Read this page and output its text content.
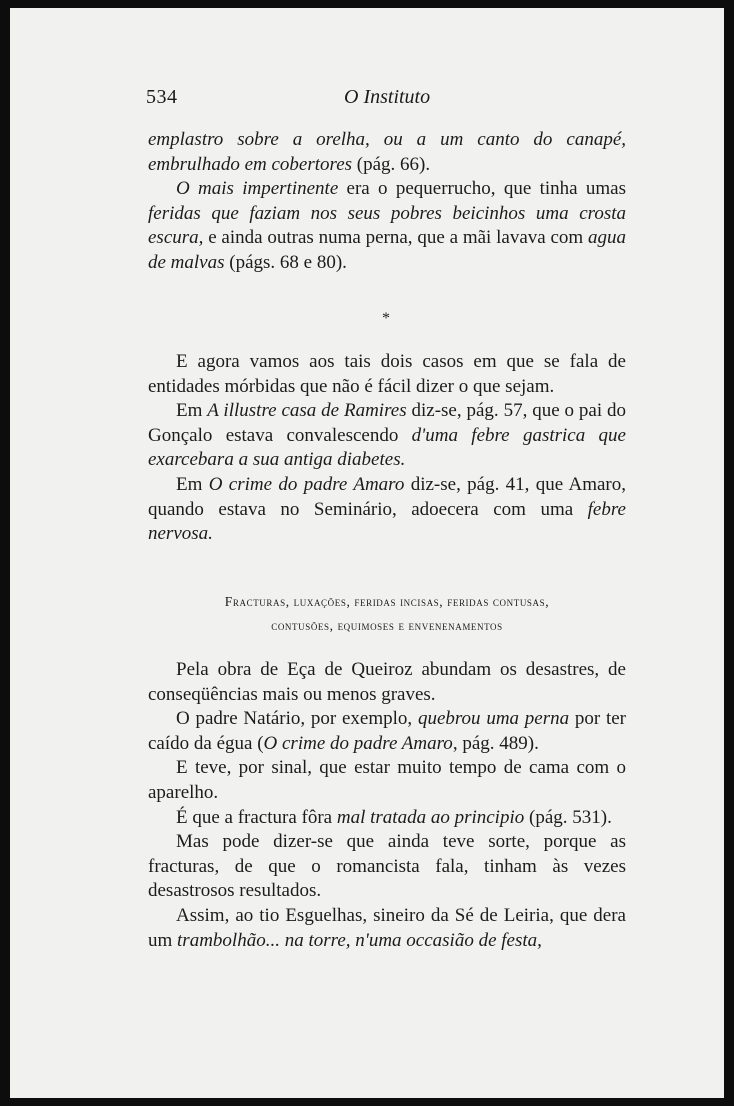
534	O Instituto

emplastro sobre a orelha, ou a um canto do canapé, embrulhado em cobertores (pág. 66).

O mais impertinente era o pequerrucho, que tinha umas feridas que faziam nos seus pobres beicinhos uma crosta escura, e ainda outras numa perna, que a mãi lavava com agua de malvas (págs. 68 e 80).

*

E agora vamos aos tais dois casos em que se fala de entidades mórbidas que não é fácil dizer o que sejam.

Em A illustre casa de Ramires diz-se, pág. 57, que o pai do Gonçalo estava convalescendo d'uma febre gastrica que exarcebara a sua antiga diabetes.

Em O crime do padre Amaro diz-se, pág. 41, que Amaro, quando estava no Seminário, adoecera com uma febre nervosa.

Fracturas, luxações, feridas incisas, feridas contusas,
contusões, equimoses e envenenamentos

Pela obra de Eça de Queiroz abundam os desastres, de conseqüências mais ou menos graves.

O padre Natário, por exemplo, quebrou uma perna por ter caído da égua (O crime do padre Amaro, pág. 489).

E teve, por sinal, que estar muito tempo de cama com o aparelho.

É que a fractura fôra mal tratada ao principio (pág. 531).

Mas pode dizer-se que ainda teve sorte, porque as fracturas, de que o romancista fala, tinham às vezes desastrosos resultados.

Assim, ao tio Esguelhas, sineiro da Sé de Leiria, que dera um trambolhão... na torre, n'uma occasião de festa,
